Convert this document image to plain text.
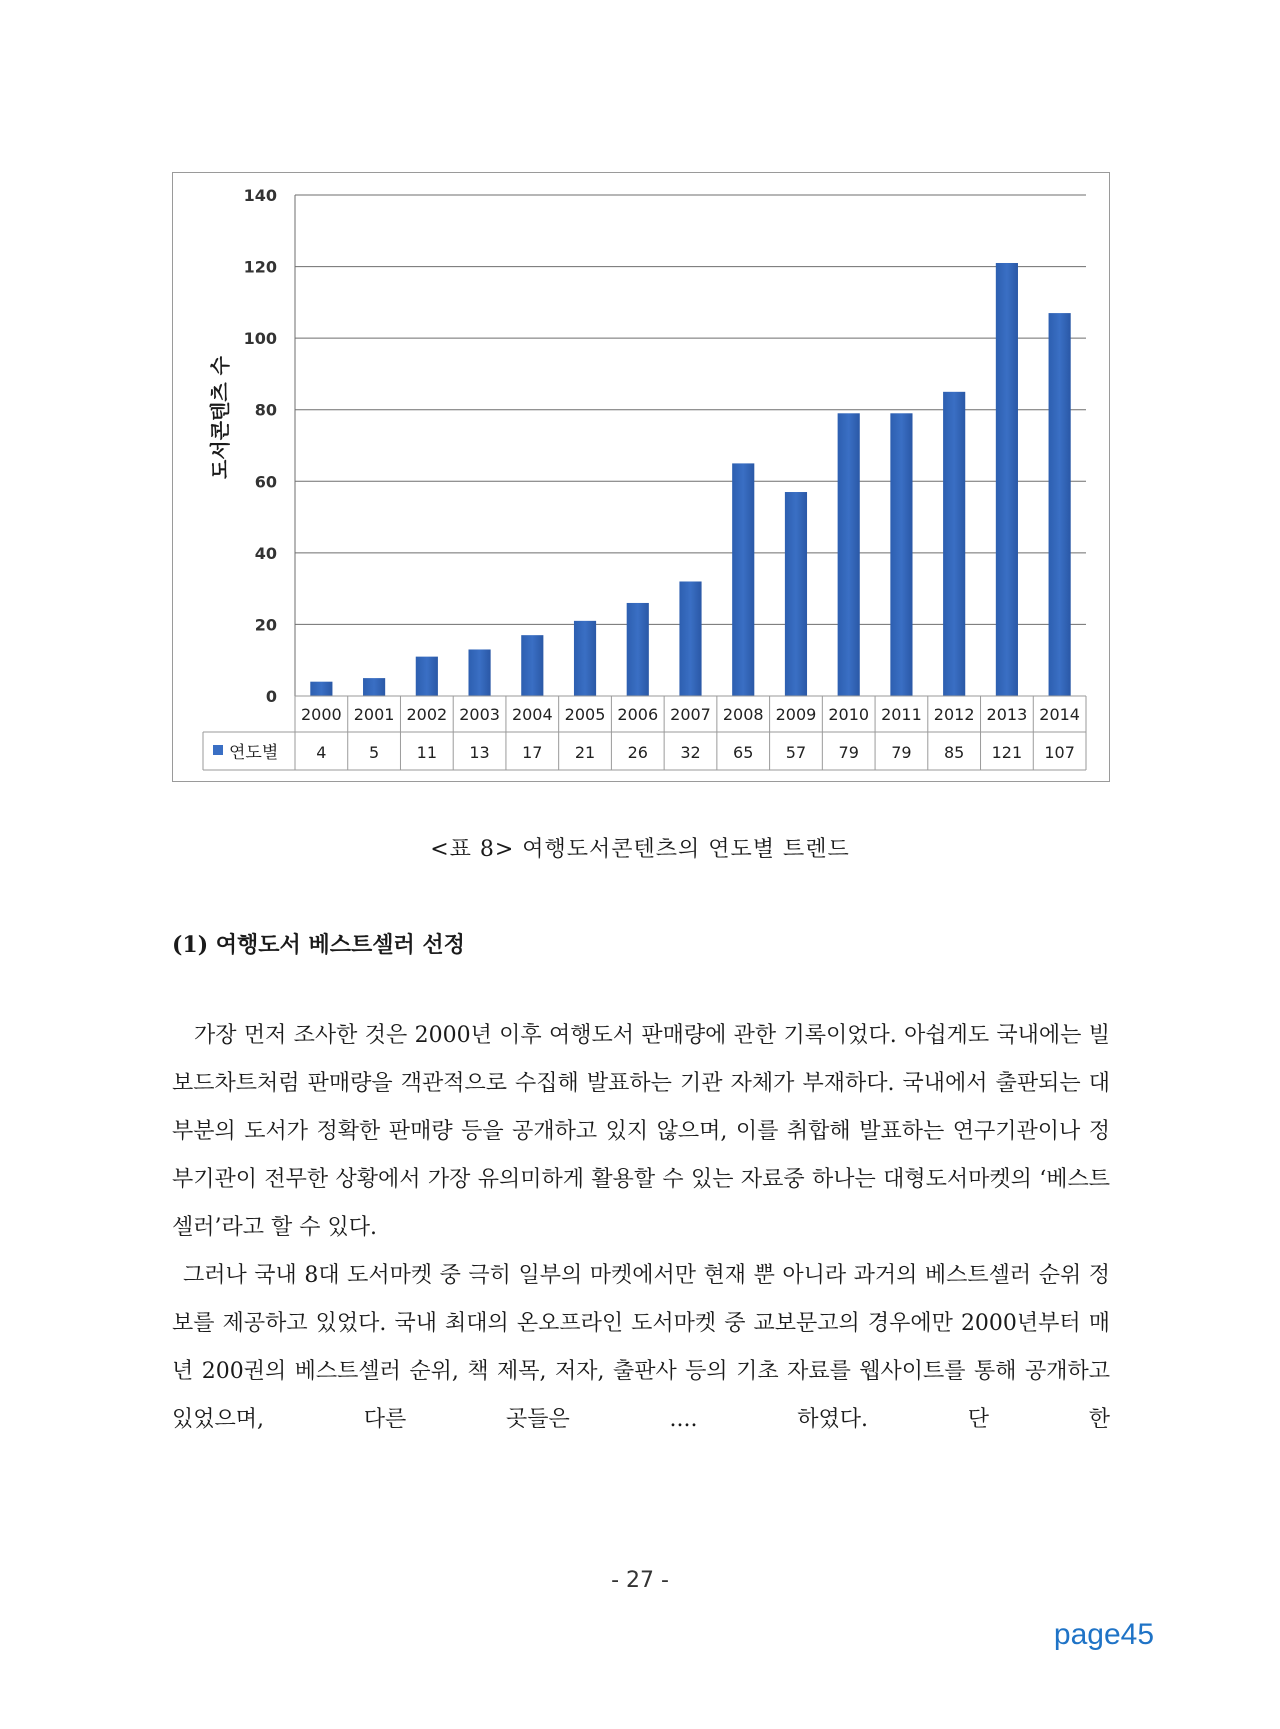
0
20
40
60
80
100
120
140
도서콘텐츠 수
2000
4
2001
5
2002
11
2003
13
2004
17
2005
21
2006
26
2007
32
2008
65
2009
57
2010
79
2011
79
2012
85
2013
121
2014
107
연도별
<표 8> 여행도서콘텐츠의 연도별 트렌드
(1) 여행도서 베스트셀러 선정

가장 먼저 조사한 것은 2000년 이후 여행도서 판매량에 관한 기록이었다. 아쉽게도 국내에는 빌보드차트처럼 판매량을 객관적으로 수집해 발표하는 기관 자체가 부재하다. 국내에서 출판되는 대부분의 도서가 정확한 판매량 등을 공개하고 있지 않으며, 이를 취합해 발표하는 연구기관이나 정부기관이 전무한 상황에서 가장 유의미하게 활용할 수 있는 자료중 하나는 대형도서마켓의 ‘베스트셀러’라고 할 수 있다.

그러나 국내 8대 도서마켓 중 극히 일부의 마켓에서만 현재 뿐 아니라 과거의 베스트셀러 순위 정보를 제공하고 있었다. 국내 최대의 온오프라인 도서마켓 중 교보문고의 경우에만 2000년부터 매년 200권의 베스트셀러 순위, 책 제목, 저자, 출판사 등의 기초 자료를 웹사이트를 통해 공개하고 있었으며, 다른 곳들은 .... 하였다. 단 한

- 27 -
page45
